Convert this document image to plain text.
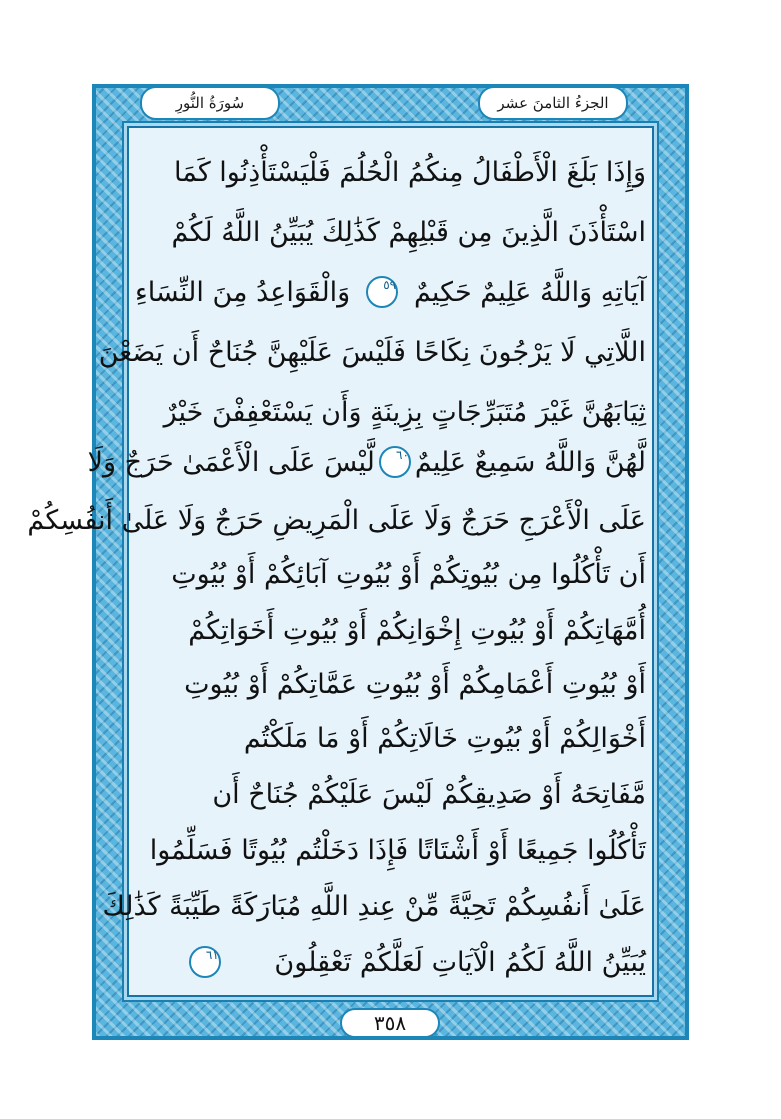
الجزءُ الثامنَ عشر
سُورَةُ النُّورِ
وَإِذَا بَلَغَ الْأَطْفَالُ مِنكُمُ الْحُلُمَ فَلْيَسْتَأْذِنُوا كَمَا
اسْتَأْذَنَ الَّذِينَ مِن قَبْلِهِمْ كَذَٰلِكَ يُبَيِّنُ اللَّهُ لَكُمْ
آيَاتِهِ وَاللَّهُ عَلِيمٌ حَكِيمٌ
٥٩
وَالْقَوَاعِدُ مِنَ النِّسَاءِ
اللَّاتِي لَا يَرْجُونَ نِكَاحًا فَلَيْسَ عَلَيْهِنَّ جُنَاحٌ أَن يَضَعْنَ
ثِيَابَهُنَّ غَيْرَ مُتَبَرِّجَاتٍ بِزِينَةٍ وَأَن يَسْتَعْفِفْنَ خَيْرٌ
لَّهُنَّ وَاللَّهُ سَمِيعٌ عَلِيمٌ
٦٠
لَّيْسَ عَلَى الْأَعْمَىٰ حَرَجٌ وَلَا
عَلَى الْأَعْرَجِ حَرَجٌ وَلَا عَلَى الْمَرِيضِ حَرَجٌ وَلَا عَلَىٰ أَنفُسِكُمْ
أَن تَأْكُلُوا مِن بُيُوتِكُمْ أَوْ بُيُوتِ آبَائِكُمْ أَوْ بُيُوتِ
أُمَّهَاتِكُمْ أَوْ بُيُوتِ إِخْوَانِكُمْ أَوْ بُيُوتِ أَخَوَاتِكُمْ
أَوْ بُيُوتِ أَعْمَامِكُمْ أَوْ بُيُوتِ عَمَّاتِكُمْ أَوْ بُيُوتِ
أَخْوَالِكُمْ أَوْ بُيُوتِ خَالَاتِكُمْ أَوْ مَا مَلَكْتُم
مَّفَاتِحَهُ أَوْ صَدِيقِكُمْ لَيْسَ عَلَيْكُمْ جُنَاحٌ أَن
تَأْكُلُوا جَمِيعًا أَوْ أَشْتَاتًا فَإِذَا دَخَلْتُم بُيُوتًا فَسَلِّمُوا
عَلَىٰ أَنفُسِكُمْ تَحِيَّةً مِّنْ عِندِ اللَّهِ مُبَارَكَةً طَيِّبَةً كَذَٰلِكَ
يُبَيِّنُ اللَّهُ لَكُمُ الْآيَاتِ لَعَلَّكُمْ تَعْقِلُونَ
٦١
٣٥٨
